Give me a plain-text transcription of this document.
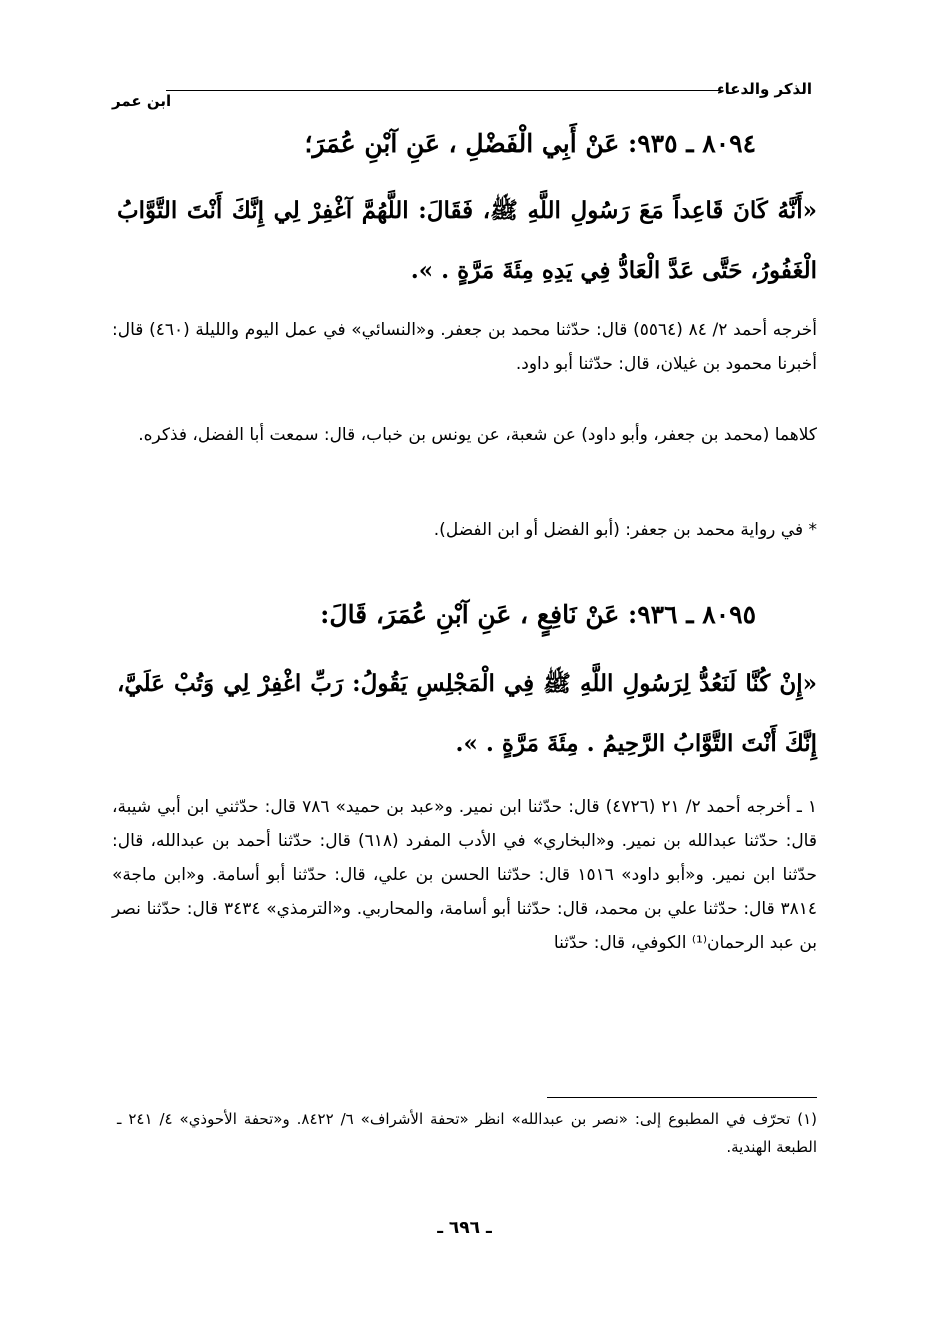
الذكر والدعاء
ابن عمر
٨٠٩٤ ـ ٩٣٥: عَنْ أَبِي الْفَضْلِ ، عَنِ آبْنِ عُمَرَ؛
«أَنَّهُ كَانَ قَاعِداً مَعَ رَسُولِ اللَّهِ ﷺ، فَقَالَ: اللَّهُمَّ آغْفِرْ لِي إِنَّكَ أَنْتَ التَّوَّابُ الْغَفُورُ، حَتَّى عَدَّ الْعَادُّ فِي يَدِهِ مِئَةَ مَرَّةٍ . ».

أخرجه أحمد ٢/ ٨٤ (٥٥٦٤) قال: حدّثنا محمد بن جعفر. و«النسائي» في عمل اليوم والليلة (٤٦٠) قال: أخبرنا محمود بن غيلان، قال: حدّثنا أبو داود.

كلاهما (محمد بن جعفر، وأبو داود) عن شعبة، عن يونس بن خباب، قال: سمعت أبا الفضل، فذكره.

* في رواية محمد بن جعفر: (أبو الفضل أو ابن الفضل).

٨٠٩٥ ـ ٩٣٦: عَنْ نَافِعٍ ، عَنِ آبْنِ عُمَرَ، قَالَ:
«إِنْ كُنَّا لَنَعُدُّ لِرَسُولِ اللَّهِ ﷺ فِي الْمَجْلِسِ يَقُولُ: رَبِّ اغْفِرْ لِي وَتُبْ عَلَيَّ، إِنَّكَ أَنْتَ التَّوَّابُ الرَّحِيمُ . مِئَةَ مَرَّةٍ . ».

١ ـ أخرجه أحمد ٢/ ٢١ (٤٧٢٦) قال: حدّثنا ابن نمير. و«عبد بن حميد» ٧٨٦ قال: حدّثني ابن أبي شيبة، قال: حدّثنا عبدالله بن نمير. و«البخاري» في الأدب المفرد (٦١٨) قال: حدّثنا أحمد بن عبدالله، قال: حدّثنا ابن نمير. و«أبو داود» ١٥١٦ قال: حدّثنا الحسن بن علي، قال: حدّثنا أبو أسامة. و«ابن ماجة» ٣٨١٤ قال: حدّثنا علي بن محمد، قال: حدّثنا أبو أسامة، والمحاربي. و«الترمذي» ٣٤٣٤ قال: حدّثنا نصر بن عبد الرحمان⁽¹⁾ الكوفي، قال: حدّثنا

(١) تحرّف في المطبوع إلى: «نصر بن عبدالله» انظر «تحفة الأشراف» ٦/ ٨٤٢٢. و«تحفة الأحوذي» ٤/ ٢٤١ ـ الطبعة الهندية.
ـ ٦٩٦ ـ
